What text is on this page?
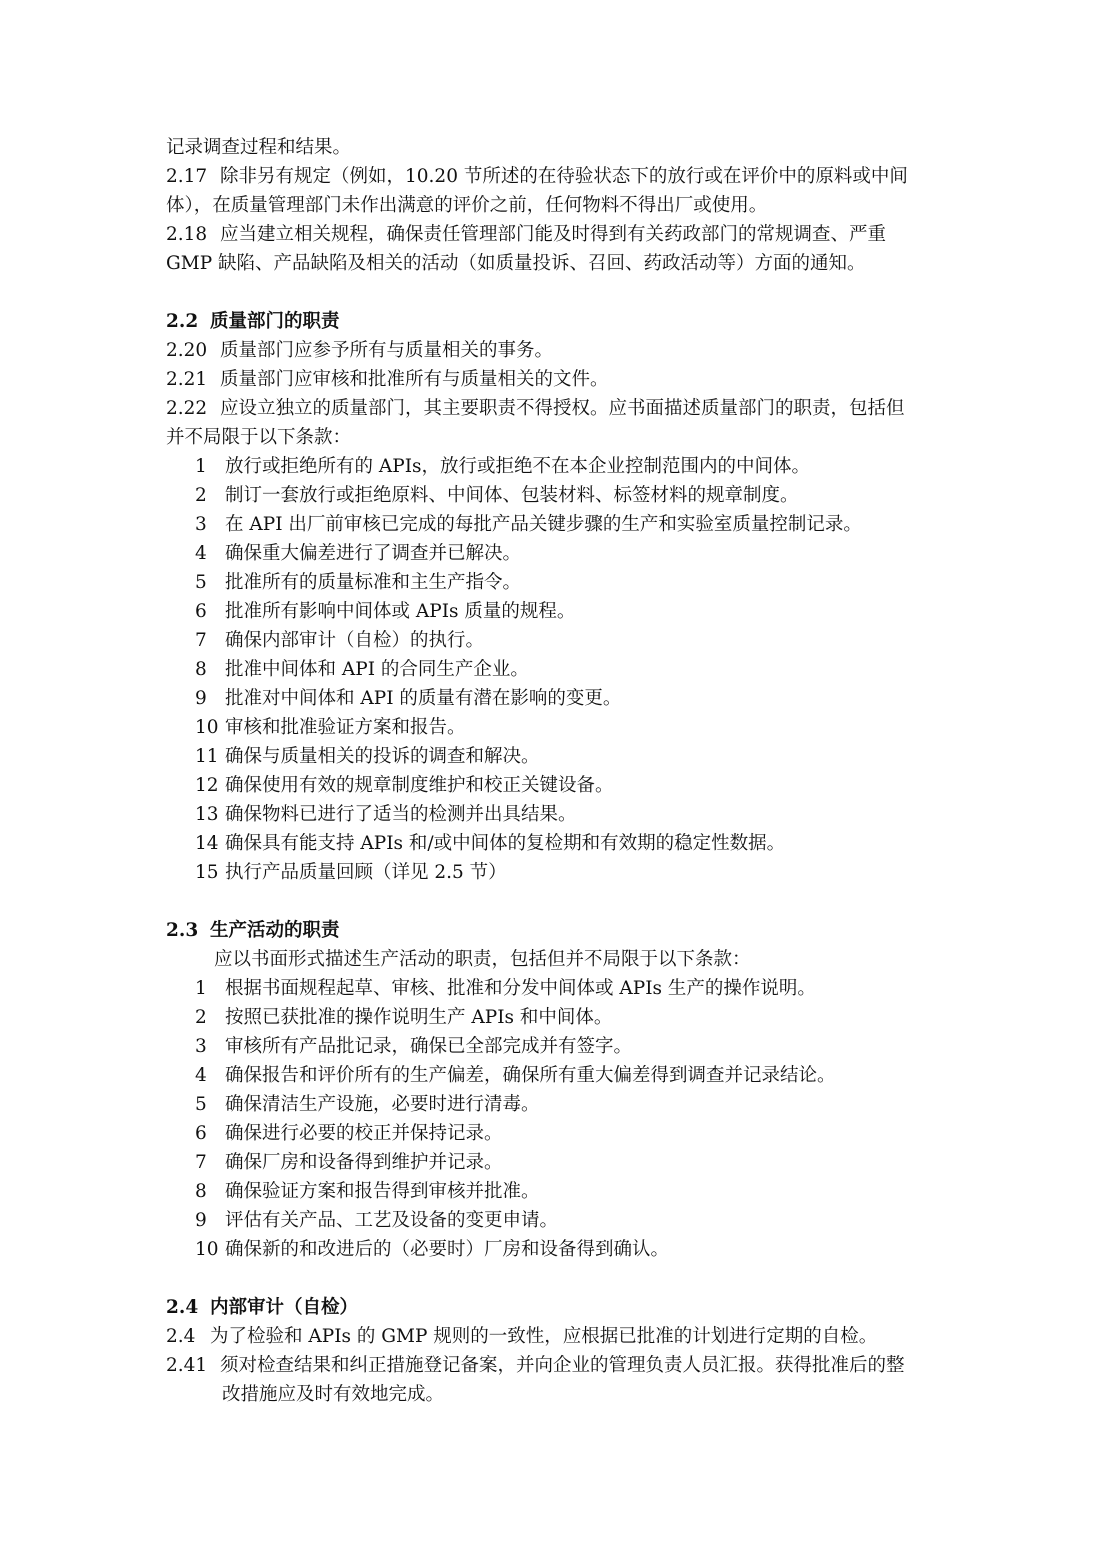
记录调查过程和结果。
2.17 除非另有规定（例如，10.20 节所述的在待验状态下的放行或在评价中的原料或中间
体），在质量管理部门未作出满意的评价之前，任何物料不得出厂或使用。
2.18 应当建立相关规程，确保责任管理部门能及时得到有关药政部门的常规调查、严重
GMP 缺陷、产品缺陷及相关的活动（如质量投诉、召回、药政活动等）方面的通知。
2.2 质量部门的职责
2.20 质量部门应参予所有与质量相关的事务。
2.21 质量部门应审核和批准所有与质量相关的文件。
2.22 应设立独立的质量部门，其主要职责不得授权。应书面描述质量部门的职责，包括但
并不局限于以下条款：
1 放行或拒绝所有的 APIs，放行或拒绝不在本企业控制范围内的中间体。
2 制订一套放行或拒绝原料、中间体、包装材料、标签材料的规章制度。
3 在 API 出厂前审核已完成的每批产品关键步骤的生产和实验室质量控制记录。
4 确保重大偏差进行了调查并已解决。
5 批准所有的质量标准和主生产指令。
6 批准所有影响中间体或 APIs 质量的规程。
7 确保内部审计（自检）的执行。
8 批准中间体和 API 的合同生产企业。
9 批准对中间体和 API 的质量有潜在影响的变更。
10 审核和批准验证方案和报告。
11 确保与质量相关的投诉的调查和解决。
12 确保使用有效的规章制度维护和校正关键设备。
13 确保物料已进行了适当的检测并出具结果。
14 确保具有能支持 APIs 和/或中间体的复检期和有效期的稳定性数据。
15 执行产品质量回顾（详见 2.5 节）
2.3 生产活动的职责
应以书面形式描述生产活动的职责，包括但并不局限于以下条款：
1 根据书面规程起草、审核、批准和分发中间体或 APIs 生产的操作说明。
2 按照已获批准的操作说明生产 APIs 和中间体。
3 审核所有产品批记录，确保已全部完成并有签字。
4 确保报告和评价所有的生产偏差，确保所有重大偏差得到调查并记录结论。
5 确保清洁生产设施，必要时进行清毒。
6 确保进行必要的校正并保持记录。
7 确保厂房和设备得到维护并记录。
8 确保验证方案和报告得到审核并批准。
9 评估有关产品、工艺及设备的变更申请。
10 确保新的和改进后的（必要时）厂房和设备得到确认。
2.4 内部审计（自检）
2.4 为了检验和 APIs 的 GMP 规则的一致性，应根据已批准的计划进行定期的自检。
2.41 须对检查结果和纠正措施登记备案，并向企业的管理负责人员汇报。获得批准后的整
改措施应及时有效地完成。
